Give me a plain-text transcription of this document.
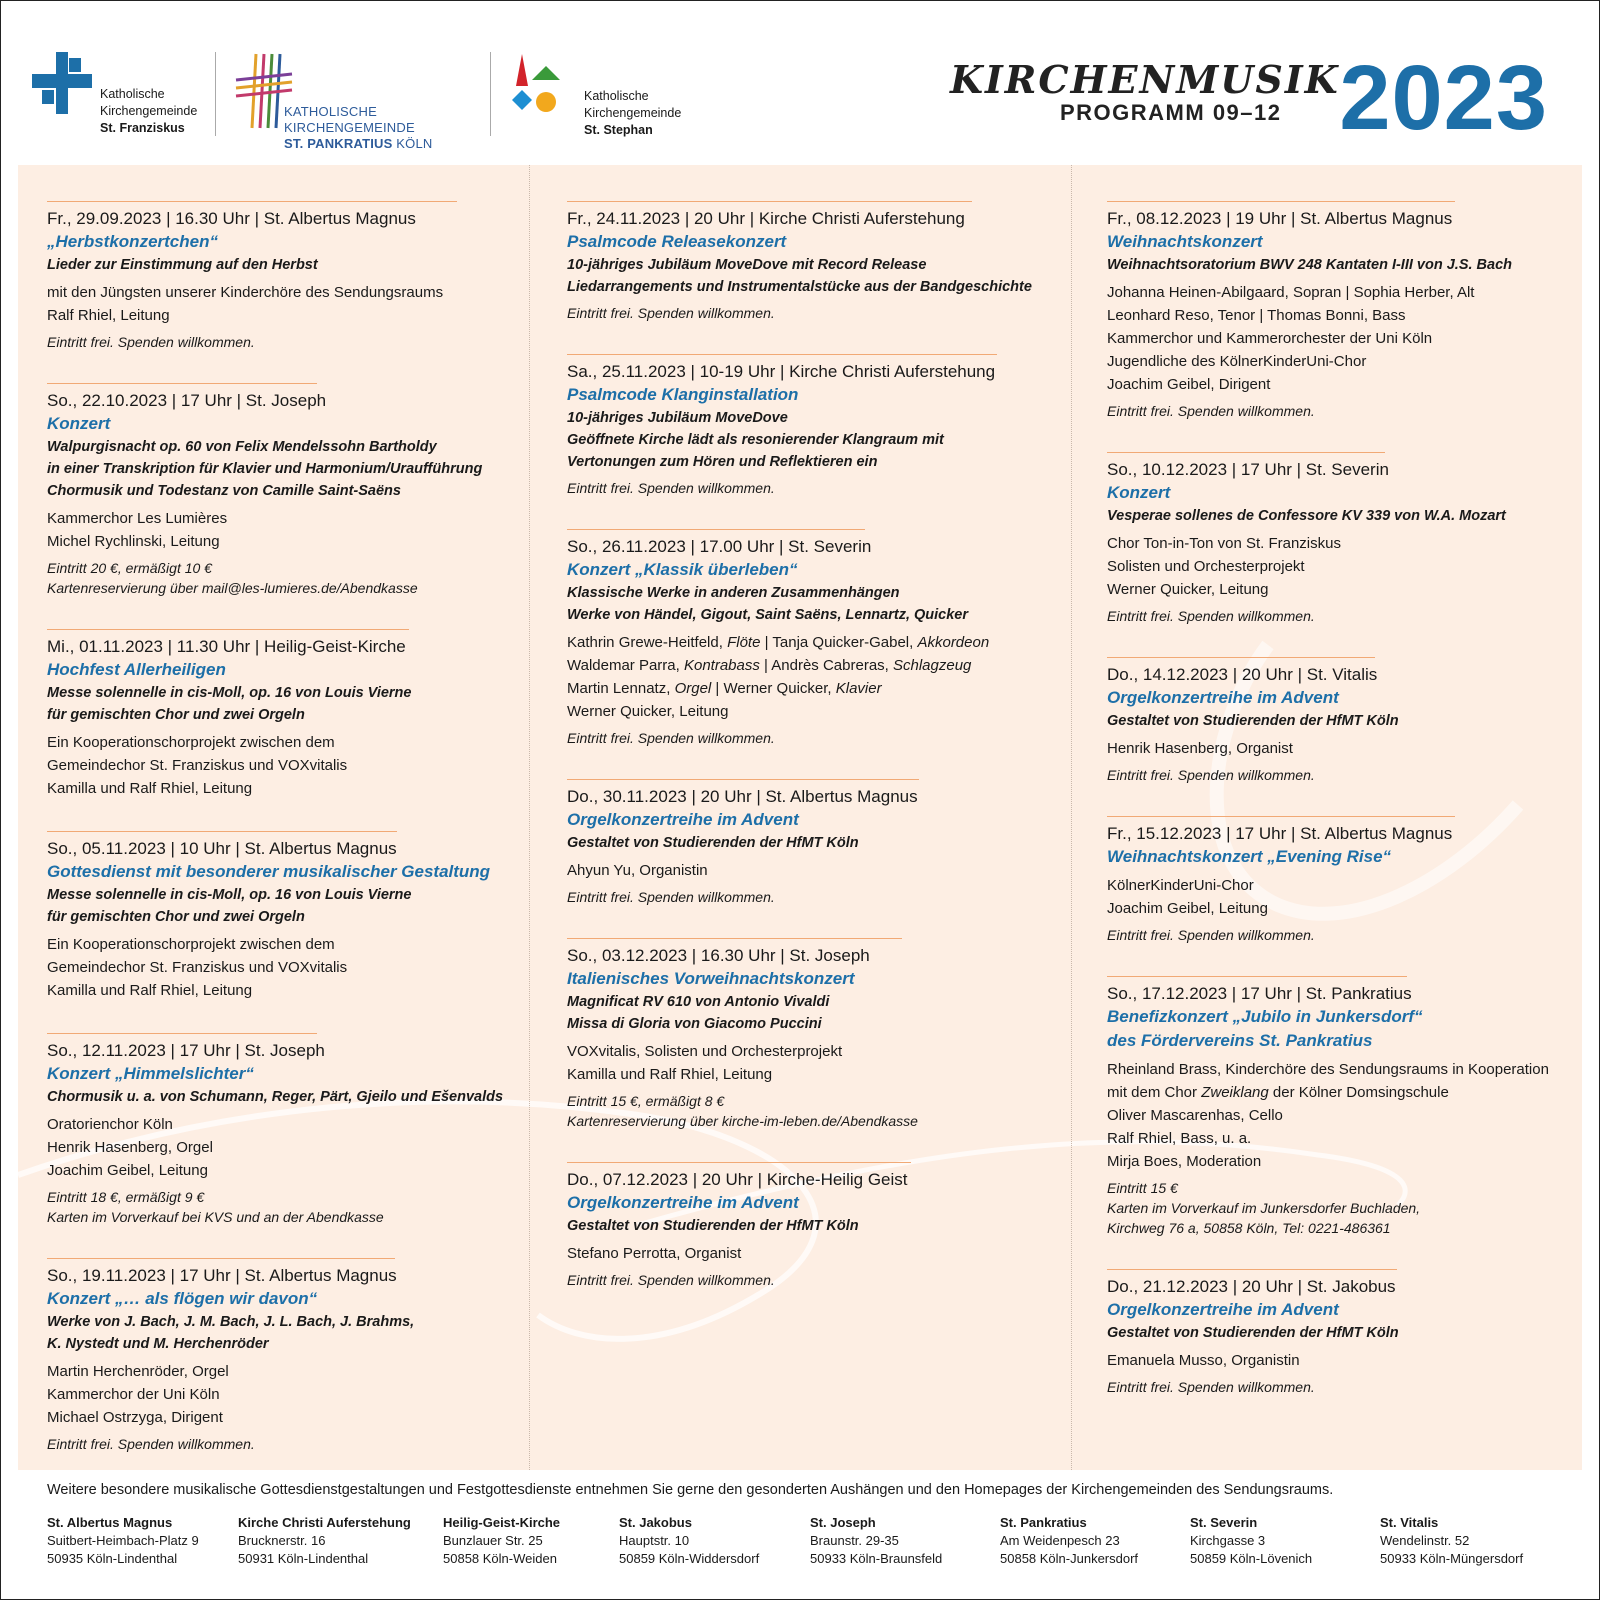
Katholische
Kirchengemeinde
St. Franziskus
KATHOLISCHE KIRCHENGEMEINDE
ST. PANKRATIUS KÖLN
Katholische
Kirchengemeinde
St. Stephan
KIRCHENMUSIK
PROGRAMM 09–12 2023
Fr., 29.09.2023 | 16.30 Uhr | St. Albertus Magnus
„Herbstkonzertchen“
Lieder zur Einstimmung auf den Herbst
mit den Jüngsten unserer Kinderchöre des Sendungsraums
Ralf Rhiel, Leitung
Eintritt frei. Spenden willkommen.
So., 22.10.2023 | 17 Uhr | St. Joseph
Konzert
Walpurgisnacht op. 60 von Felix Mendelssohn Bartholdy
in einer Transkription für Klavier und Harmonium/Uraufführung
Chormusik und Todestanz von Camille Saint-Saëns
Kammerchor Les Lumières
Michel Rychlinski, Leitung
Eintritt 20 €, ermäßigt 10 €
Kartenreservierung über mail@les-lumieres.de/Abendkasse
Mi., 01.11.2023 | 11.30 Uhr | Heilig-Geist-Kirche
Hochfest Allerheiligen
Messe solennelle in cis-Moll, op. 16 von Louis Vierne
für gemischten Chor und zwei Orgeln
Ein Kooperationschorprojekt zwischen dem
Gemeindechor St. Franziskus und VOXvitalis
Kamilla und Ralf Rhiel, Leitung
So., 05.11.2023 | 10 Uhr | St. Albertus Magnus
Gottesdienst mit besonderer musikalischer Gestaltung
Messe solennelle in cis-Moll, op. 16 von Louis Vierne
für gemischten Chor und zwei Orgeln
Ein Kooperationschorprojekt zwischen dem
Gemeindechor St. Franziskus und VOXvitalis
Kamilla und Ralf Rhiel, Leitung
So., 12.11.2023 | 17 Uhr | St. Joseph
Konzert „Himmelslichter“
Chormusik u. a. von Schumann, Reger, Pärt, Gjeilo und Ešenvalds
Oratorienchor Köln
Henrik Hasenberg, Orgel
Joachim Geibel, Leitung
Eintritt 18 €, ermäßigt 9 €
Karten im Vorverkauf bei KVS und an der Abendkasse
So., 19.11.2023 | 17 Uhr | St. Albertus Magnus
Konzert „… als flögen wir davon“
Werke von J. Bach, J. M. Bach, J. L. Bach, J. Brahms,
K. Nystedt und M. Herchenröder
Martin Herchenröder, Orgel
Kammerchor der Uni Köln
Michael Ostrzyga, Dirigent
Eintritt frei. Spenden willkommen.
Fr., 24.11.2023 | 20 Uhr | Kirche Christi Auferstehung
Psalmcode Releasekonzert
10-jähriges Jubiläum MoveDove mit Record Release
Liedarrangements und Instrumentalstücke aus der Bandgeschichte
Eintritt frei. Spenden willkommen.
Sa., 25.11.2023 | 10-19 Uhr | Kirche Christi Auferstehung
Psalmcode Klanginstallation
10-jähriges Jubiläum MoveDove
Geöffnete Kirche lädt als resonierender Klangraum mit
Vertonungen zum Hören und Reflektieren ein
Eintritt frei. Spenden willkommen.
So., 26.11.2023 | 17.00 Uhr | St. Severin
Konzert „Klassik überleben“
Klassische Werke in anderen Zusammenhängen
Werke von Händel, Gigout, Saint Saëns, Lennartz, Quicker
Kathrin Grewe-Heitfeld, Flöte | Tanja Quicker-Gabel, Akkordeon
Waldemar Parra, Kontrabass | Andrès Cabreras, Schlagzeug
Martin Lennatz, Orgel | Werner Quicker, Klavier
Werner Quicker, Leitung
Eintritt frei. Spenden willkommen.
Do., 30.11.2023 | 20 Uhr | St. Albertus Magnus
Orgelkonzertreihe im Advent
Gestaltet von Studierenden der HfMT Köln
Ahyun Yu, Organistin
Eintritt frei. Spenden willkommen.
So., 03.12.2023 | 16.30 Uhr | St. Joseph
Italienisches Vorweihnachtskonzert
Magnificat RV 610 von Antonio Vivaldi
Missa di Gloria von Giacomo Puccini
VOXvitalis, Solisten und Orchesterprojekt
Kamilla und Ralf Rhiel, Leitung
Eintritt 15 €, ermäßigt 8 €
Kartenreservierung über kirche-im-leben.de/Abendkasse
Do., 07.12.2023 | 20 Uhr | Kirche-Heilig Geist
Orgelkonzertreihe im Advent
Gestaltet von Studierenden der HfMT Köln
Stefano Perrotta, Organist
Eintritt frei. Spenden willkommen.
Fr., 08.12.2023 | 19 Uhr | St. Albertus Magnus
Weihnachtskonzert
Weihnachtsoratorium BWV 248 Kantaten I-III von J.S. Bach
Johanna Heinen-Abilgaard, Sopran | Sophia Herber, Alt
Leonhard Reso, Tenor | Thomas Bonni, Bass
Kammerchor und Kammerorchester der Uni Köln
Jugendliche des KölnerKinderUni-Chor
Joachim Geibel, Dirigent
Eintritt frei. Spenden willkommen.
So., 10.12.2023 | 17 Uhr | St. Severin
Konzert
Vesperae sollenes de Confessore KV 339 von W.A. Mozart
Chor Ton-in-Ton von St. Franziskus
Solisten und Orchesterprojekt
Werner Quicker, Leitung
Eintritt frei. Spenden willkommen.
Do., 14.12.2023 | 20 Uhr | St. Vitalis
Orgelkonzertreihe im Advent
Gestaltet von Studierenden der HfMT Köln
Henrik Hasenberg, Organist
Eintritt frei. Spenden willkommen.
Fr., 15.12.2023 | 17 Uhr | St. Albertus Magnus
Weihnachtskonzert „Evening Rise“
KölnerKinderUni-Chor
Joachim Geibel, Leitung
Eintritt frei. Spenden willkommen.
So., 17.12.2023 | 17 Uhr | St. Pankratius
Benefizkonzert „Jubilo in Junkersdorf“
des Fördervereins St. Pankratius
Rheinland Brass, Kinderchöre des Sendungsraums in Kooperation
mit dem Chor Zweiklang der Kölner Domsingschule
Oliver Mascarenhas, Cello
Ralf Rhiel, Bass, u. a.
Mirja Boes, Moderation
Eintritt 15 €
Karten im Vorverkauf im Junkersdorfer Buchladen,
Kirchweg 76 a, 50858 Köln, Tel: 0221-486361
Do., 21.12.2023 | 20 Uhr | St. Jakobus
Orgelkonzertreihe im Advent
Gestaltet von Studierenden der HfMT Köln
Emanuela Musso, Organistin
Eintritt frei. Spenden willkommen.
Weitere besondere musikalische Gottesdienstgestaltungen und Festgottesdienste entnehmen Sie gerne den gesonderten Aushängen und den Homepages der Kirchengemeinden des Sendungsraums.
St. Albertus Magnus
Suitbert-Heimbach-Platz 9
50935 Köln-Lindenthal
Kirche Christi Auferstehung
Brucknerstr. 16
50931 Köln-Lindenthal
Heilig-Geist-Kirche
Bunzlauer Str. 25
50858 Köln-Weiden
St. Jakobus
Hauptstr. 10
50859 Köln-Widdersdorf
St. Joseph
Braunstr. 29-35
50933 Köln-Braunsfeld
St. Pankratius
Am Weidenpesch 23
50858 Köln-Junkersdorf
St. Severin
Kirchgasse 3
50859 Köln-Lövenich
St. Vitalis
Wendelinstr. 52
50933 Köln-Müngersdorf
